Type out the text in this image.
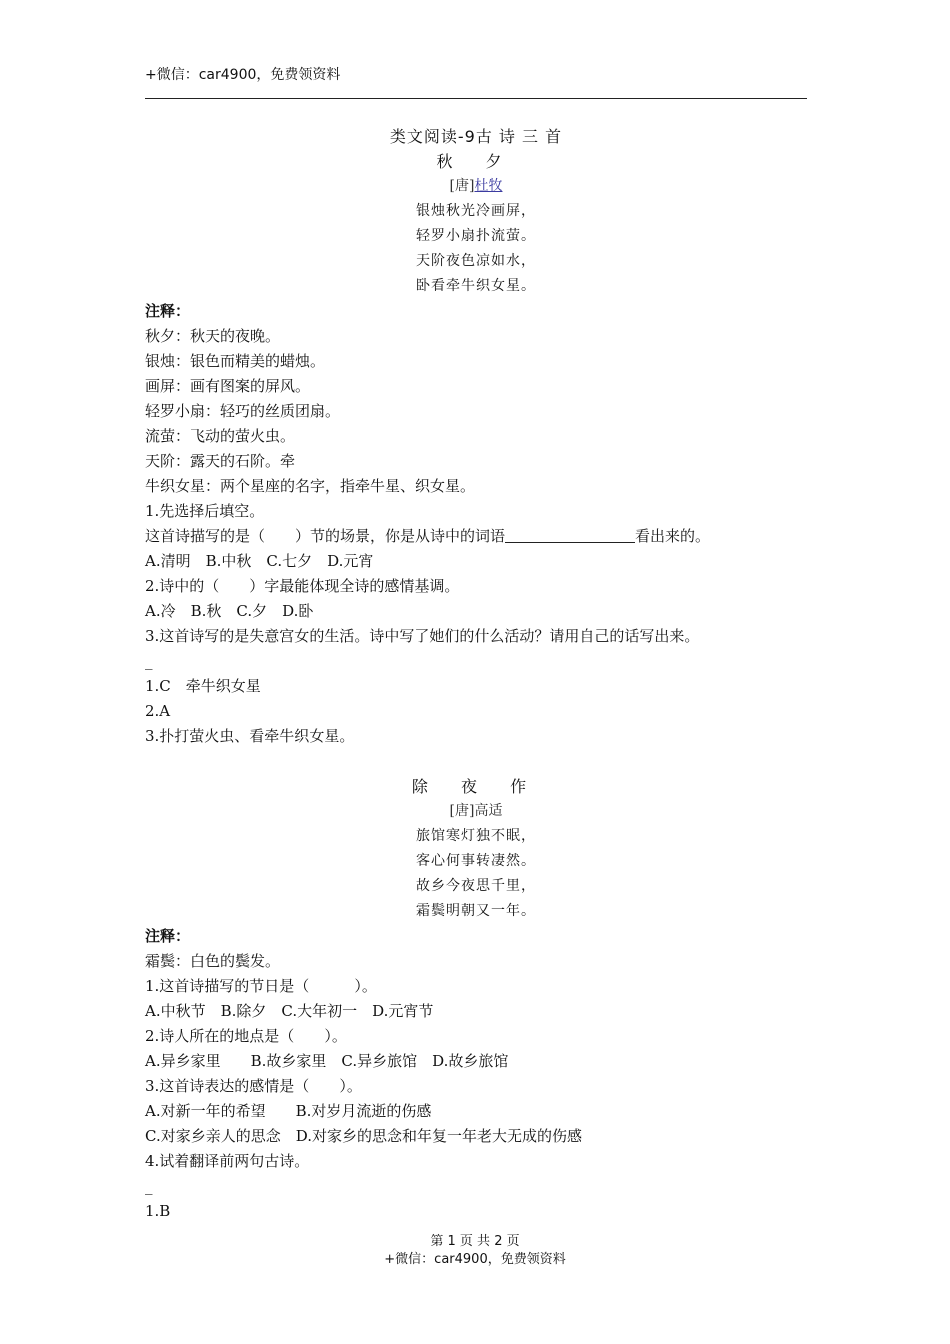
+微信：car4900，免费领资料
类文阅读-9古 诗 三 首
秋 夕
[唐]杜牧
银烛秋光冷画屏，
轻罗小扇扑流萤。
天阶夜色凉如水，
卧看牵牛织女星。
注释：
秋夕：秋天的夜晚。
银烛：银色而精美的蜡烛。
画屏：画有图案的屏风。
轻罗小扇：轻巧的丝质团扇。
流萤：飞动的萤火虫。
天阶：露天的石阶。牵
牛织女星：两个星座的名字，指牵牛星、织女星。
1.先选择后填空。
这首诗描写的是（　　）节的场景，你是从诗中的词语	看出来的。
A.清明　B.中秋　C.七夕　D.元宵
2.诗中的（　　）字最能体现全诗的感情基调。
A.冷　B.秋　C.夕　D.卧
3.这首诗写的是失意宫女的生活。诗中写了她们的什么活动？请用自己的话写出来。
_
1.C　牵牛织女星
2.A
3.扑打萤火虫、看牵牛织女星。
除 夜 作
[唐]高适
旅馆寒灯独不眠，
客心何事转凄然。
故乡今夜思千里，
霜鬓明朝又一年。
注释：
霜鬓：白色的鬓发。
1.这首诗描写的节日是（　　　）。
A.中秋节　B.除夕　C.大年初一　D.元宵节
2.诗人所在的地点是（　　）。
A.异乡家里　　B.故乡家里　C.异乡旅馆　D.故乡旅馆
3.这首诗表达的感情是（　　）。
A.对新一年的希望　　B.对岁月流逝的伤感
C.对家乡亲人的思念　D.对家乡的思念和年复一年老大无成的伤感
4.试着翻译前两句古诗。
_
1.B
第 1 页 共 2 页
+微信：car4900，免费领资料
